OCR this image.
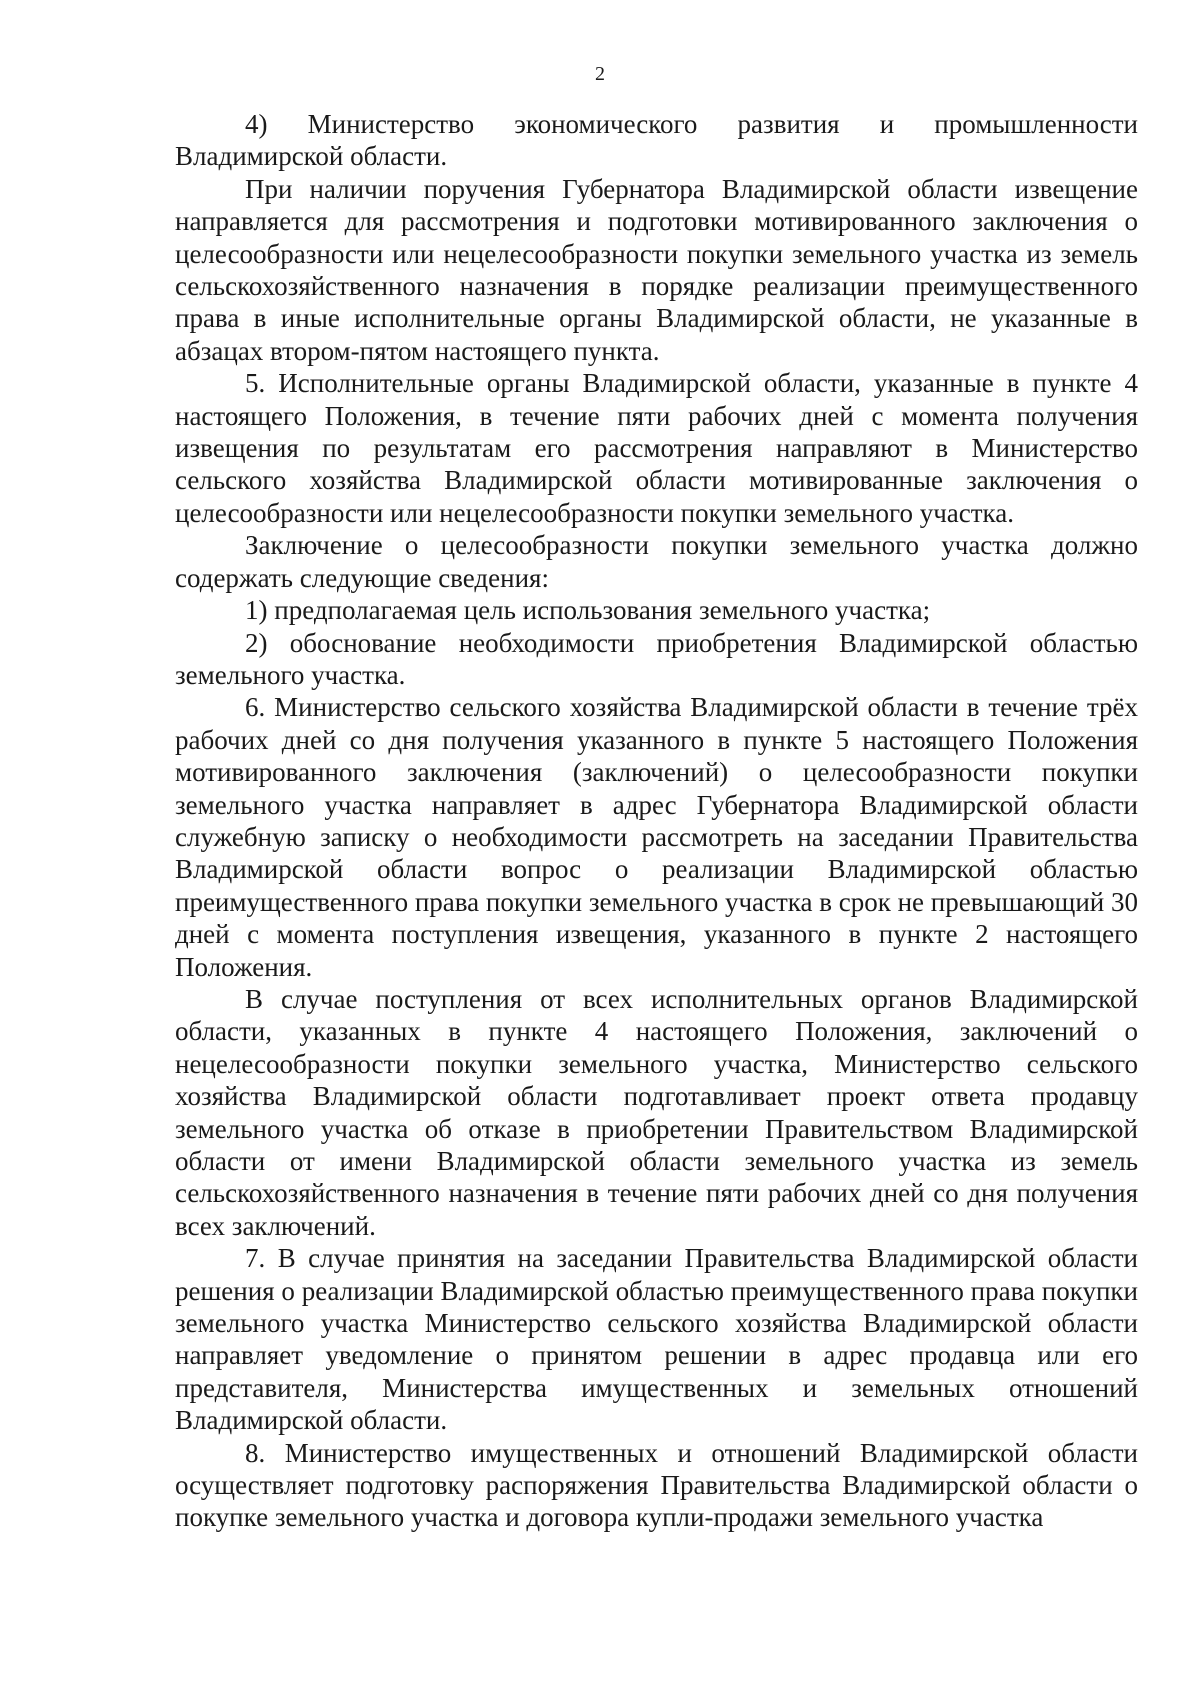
2

4) Министерство экономического развития и промышленности Владимирской области.

При наличии поручения Губернатора Владимирской области извещение направляется для рассмотрения и подготовки мотивированного заключения о целесообразности или нецелесообразности покупки земельного участка из земель сельскохозяйственного назначения в порядке реализации преимущественного права в иные исполнительные органы Владимирской области, не указанные в абзацах втором-пятом настоящего пункта.

5. Исполнительные органы Владимирской области, указанные в пункте 4 настоящего Положения, в течение пяти рабочих дней с момента получения извещения по результатам его рассмотрения направляют в Министерство сельского хозяйства Владимирской области мотивированные заключения о целесообразности или нецелесообразности покупки земельного участка.

Заключение о целесообразности покупки земельного участка должно содержать следующие сведения:

1) предполагаемая цель использования земельного участка;

2) обоснование необходимости приобретения Владимирской областью земельного участка.

6. Министерство сельского хозяйства Владимирской области в течение трёх рабочих дней со дня получения указанного в пункте 5 настоящего Положения мотивированного заключения (заключений) о целесообразности покупки земельного участка направляет в адрес Губернатора Владимирской области служебную записку о необходимости рассмотреть на заседании Правительства Владимирской области вопрос о реализации Владимирской областью преимущественного права покупки земельного участка в срок не превышающий 30 дней с момента поступления извещения, указанного в пункте 2 настоящего Положения.

В случае поступления от всех исполнительных органов Владимирской области, указанных в пункте 4 настоящего Положения, заключений о нецелесообразности покупки земельного участка, Министерство сельского хозяйства Владимирской области подготавливает проект ответа продавцу земельного участка об отказе в приобретении Правительством Владимирской области от имени Владимирской области земельного участка из земель сельскохозяйственного назначения в течение пяти рабочих дней со дня получения всех заключений.

7. В случае принятия на заседании Правительства Владимирской области решения о реализации Владимирской областью преимущественного права покупки земельного участка Министерство сельского хозяйства Владимирской области направляет уведомление о принятом решении в адрес продавца или его представителя, Министерства имущественных и земельных отношений Владимирской области.

8. Министерство имущественных и отношений Владимирской области осуществляет подготовку распоряжения Правительства Владимирской области о покупке земельного участка и договора купли-продажи земельного участка
